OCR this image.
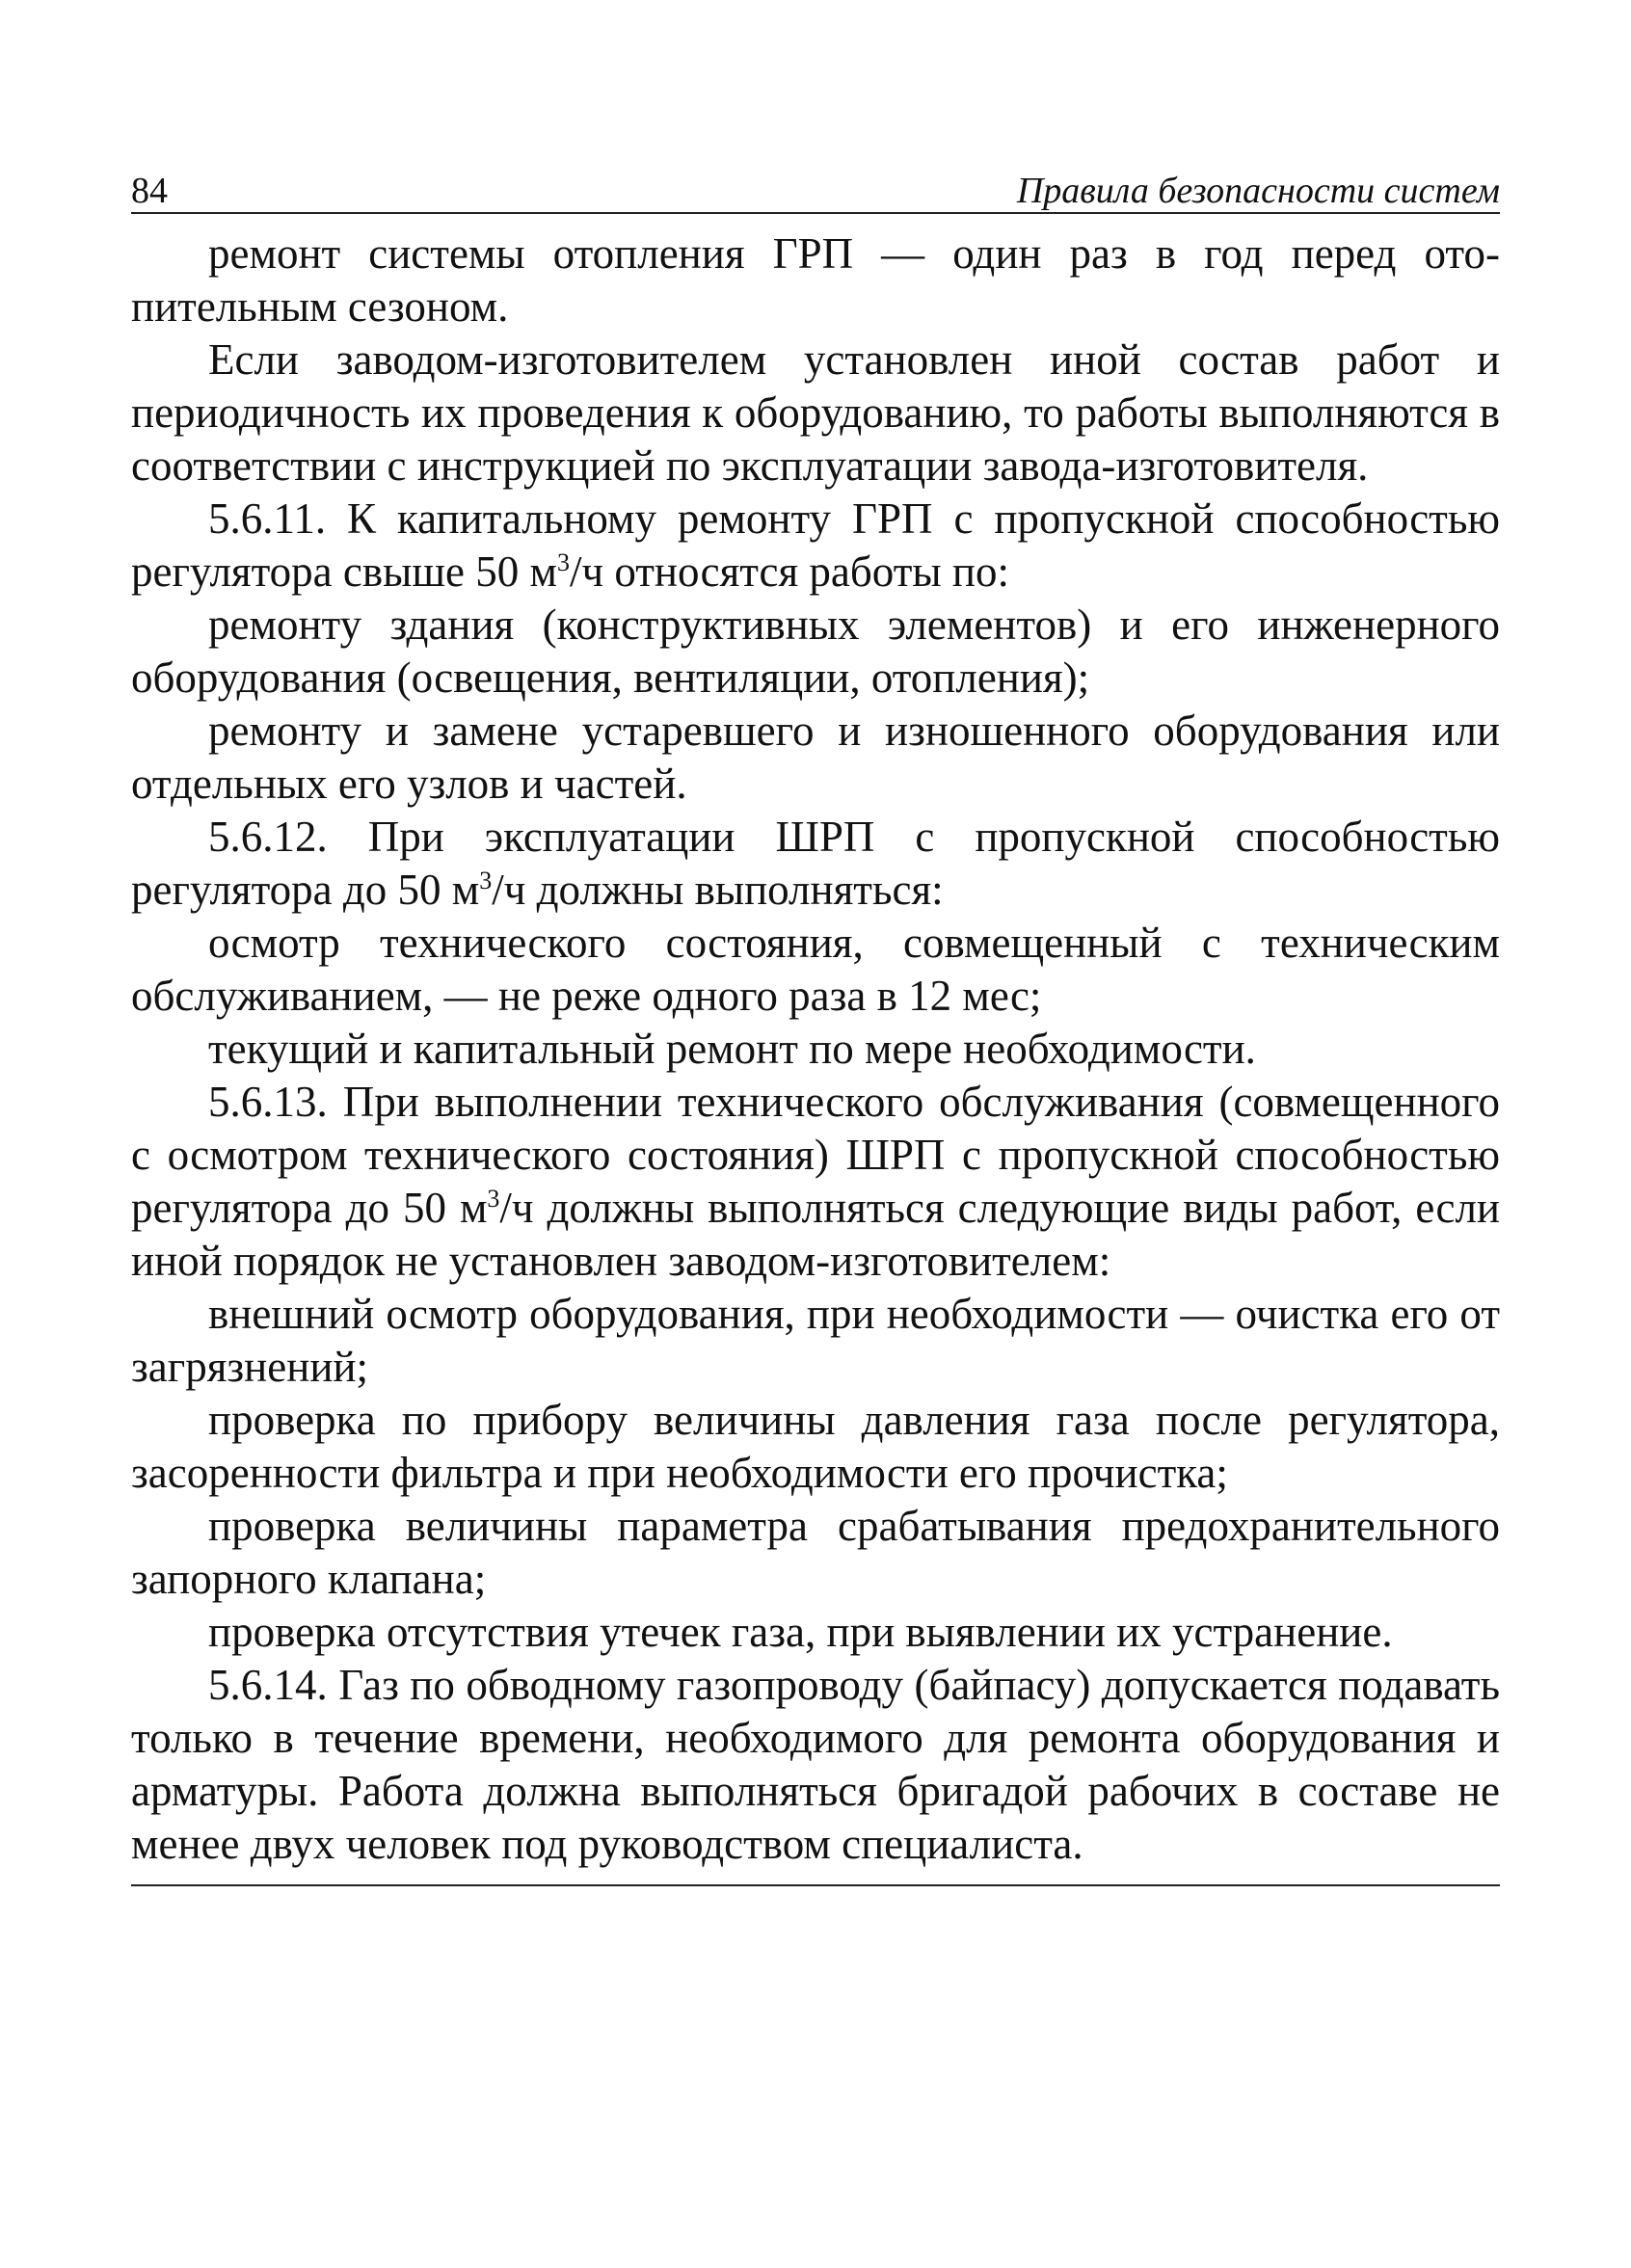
84	Правила безопасности систем

ремонт системы отопления ГРП — один раз в год перед отопительным сезоном.

Если заводом-изготовителем установлен иной состав работ и периодичность их проведения к оборудованию, то работы выполняются в соответствии с инструкцией по эксплуатации завода-изготовителя.

5.6.11. К капитальному ремонту ГРП с пропускной способностью регулятора свыше 50 $м^3/ч$ относятся работы по:

ремонту здания (конструктивных элементов) и его инженерного оборудования (освещения, вентиляции, отопления);

ремонту и замене устаревшего и изношенного оборудования или отдельных его узлов и частей.

5.6.12. При эксплуатации ШРП с пропускной способностью регулятора до 50 $м^3/ч$ должны выполняться:

осмотр технического состояния, совмещенный с техническим обслуживанием, — не реже одного раза в 12 мес;

текущий и капитальный ремонт по мере необходимости.

5.6.13. При выполнении технического обслуживания (совмещенного с осмотром технического состояния) ШРП с пропускной способностью регулятора до 50 $м^3/ч$ должны выполняться следующие виды работ, если иной порядок не установлен заводом-изготовителем:

внешний осмотр оборудования, при необходимости — очистка его от загрязнений;

проверка по прибору величины давления газа после регулятора, засоренности фильтра и при необходимости его прочистка;

проверка величины параметра срабатывания предохранительного запорного клапана;

проверка отсутствия утечек газа, при выявлении их устранение.

5.6.14. Газ по обводному газопроводу (байпасу) допускается подавать только в течение времени, необходимого для ремонта оборудования и арматуры. Работа должна выполняться бригадой рабочих в составе не менее двух человек под руководством специалиста.
